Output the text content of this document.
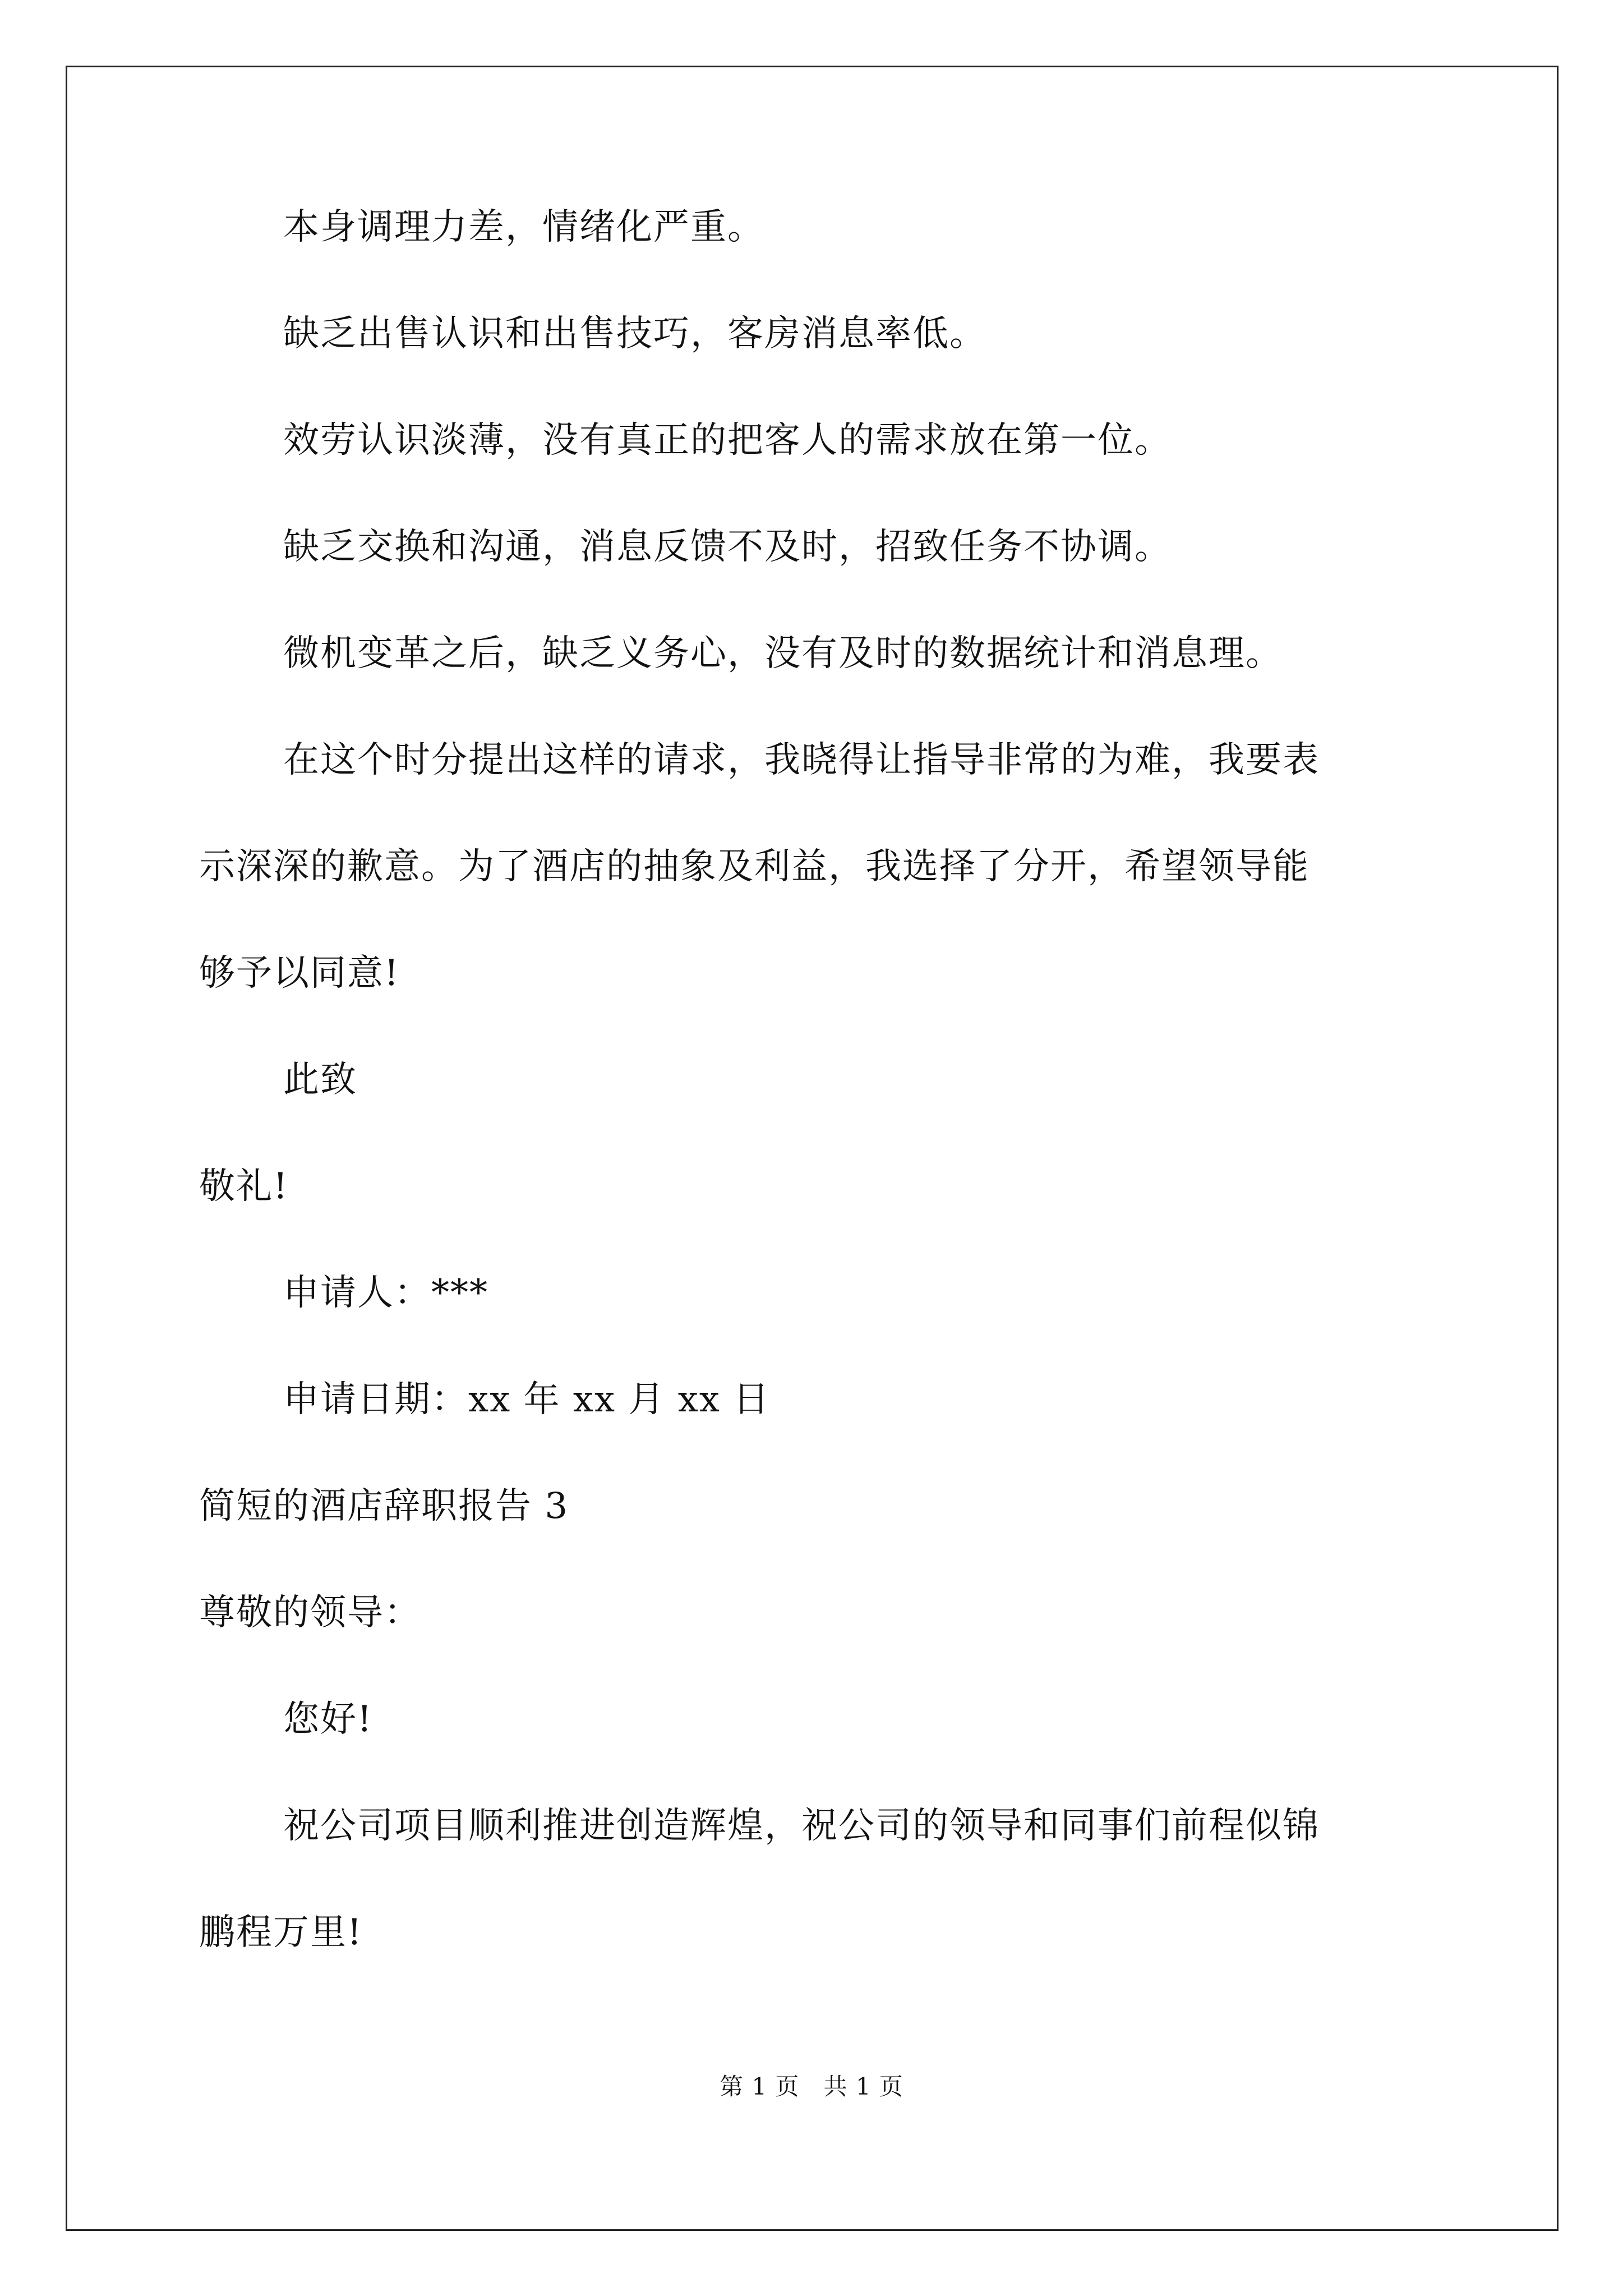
本身调理力差，情绪化严重。
缺乏出售认识和出售技巧，客房消息率低。
效劳认识淡薄，没有真正的把客人的需求放在第一位。
缺乏交换和沟通，消息反馈不及时，招致任务不协调。
微机变革之后，缺乏义务心，没有及时的数据统计和消息理。
在这个时分提出这样的请求，我晓得让指导非常的为难，我要表
示深深的歉意。为了酒店的抽象及利益，我选择了分开，希望领导能
够予以同意!
此致
敬礼!
申请人：***
申请日期：xx 年 xx 月 xx 日
简短的酒店辞职报告 3
尊敬的领导：
您好!
祝公司项目顺利推进创造辉煌，祝公司的领导和同事们前程似锦
鹏程万里!
第 1 页　共 1 页
